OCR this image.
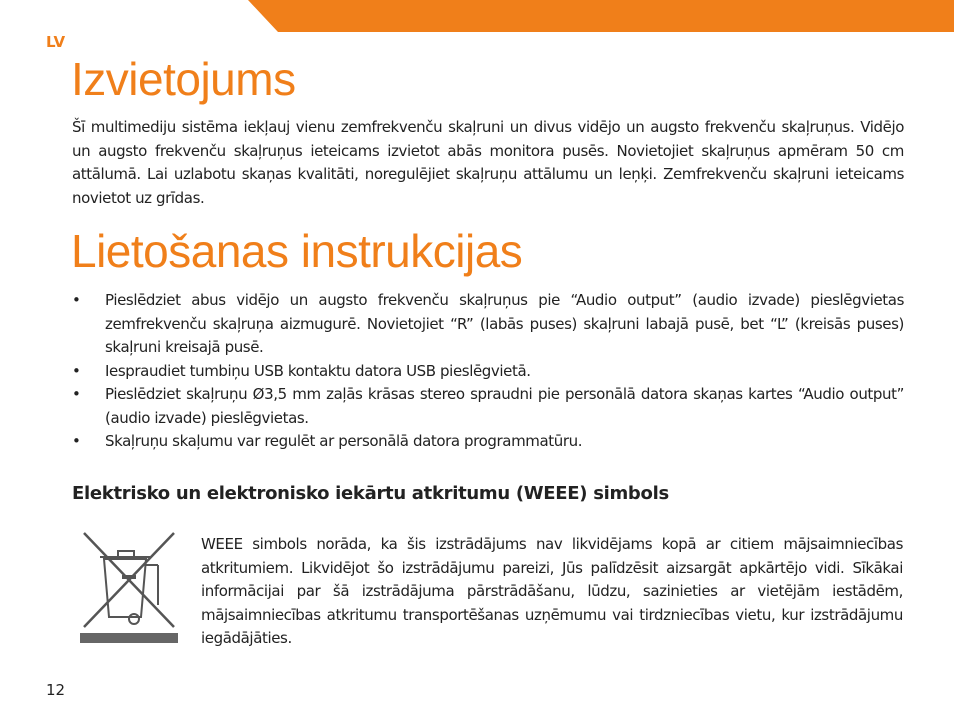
LV
Izvietojums

Šī multimediju sistēma iekļauj vienu zemfrekvenču skaļruni un divus vidējo un augsto frekvenču skaļruņus. Vidējo un augsto frekvenču skaļruņus ieteicams izvietot abās monitora pusēs. Novietojiet skaļruņus apmēram 50 cm attālumā. Lai uzlabotu skaņas kvalitāti, noregulējiet skaļruņu attālumu un leņķi. Zemfrekvenču skaļruni ieteicams novietot uz grīdas.

Lietošanas instrukcijas
• Pieslēdziet abus vidējo un augsto frekvenču skaļruņus pie “Audio output” (audio izvade) pieslēgvietas zemfrekvenču skaļruņa aizmugurē. Novietojiet “R” (labās puses) skaļruni labajā pusē, bet “L” (kreisās puses) skaļruni kreisajā pusē.
• Iespraudiet tumbiņu USB kontaktu datora USB pieslēgvietā.
• Pieslēdziet skaļruņu Ø3,5 mm zaļās krāsas stereo spraudni pie personālā datora skaņas kartes “Audio output” (audio izvade) pieslēgvietas.
• Skaļruņu skaļumu var regulēt ar personālā datora programmatūru.
Elektrisko un elektronisko iekārtu atkritumu (WEEE) simbols

WEEE simbols norāda, ka šis izstrādājums nav likvidējams kopā ar citiem mājsaimniecības atkritumiem. Likvidējot šo izstrādājumu pareizi, Jūs palīdzēsit aizsargāt apkārtējo vidi. Sīkākai informācijai par šā izstrādājuma pārstrādāšanu, lūdzu, sazinieties ar vietējām iestādēm, mājsaimniecības atkritumu transportēšanas uzņēmumu vai tirdzniecības vietu, kur izstrādājumu iegādājāties.

12
